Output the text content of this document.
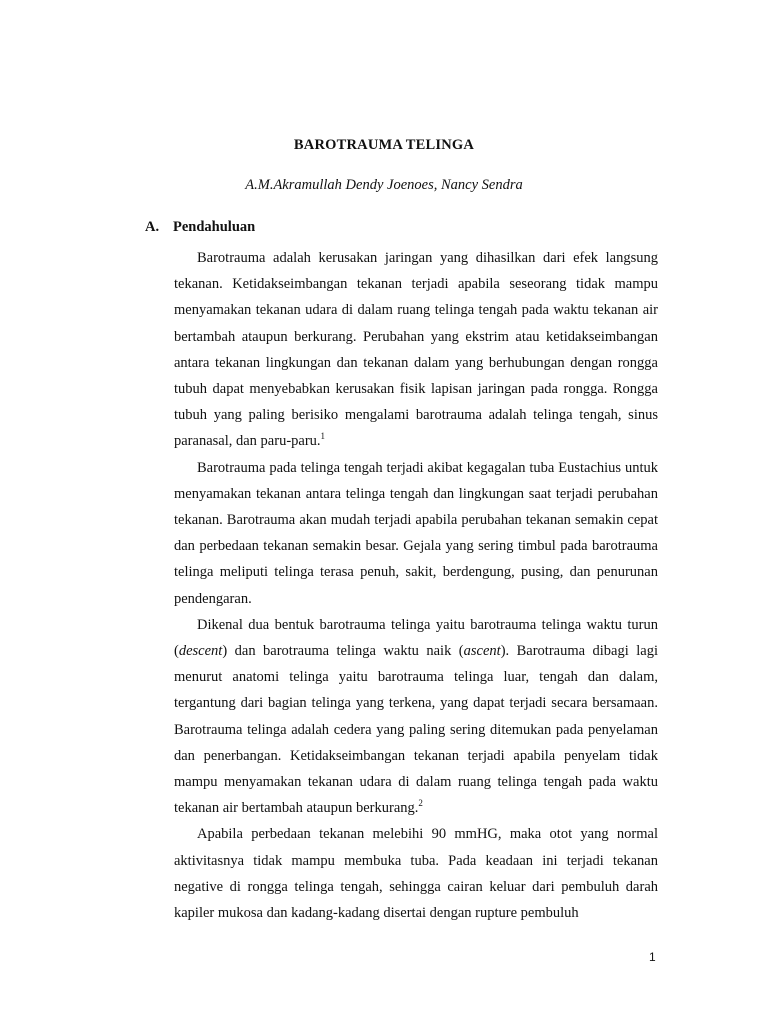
BAROTRAUMA TELINGA
A.M.Akramullah Dendy Joenoes, Nancy Sendra
A. Pendahuluan

Barotrauma adalah kerusakan jaringan yang dihasilkan dari efek langsung tekanan. Ketidakseimbangan tekanan terjadi apabila seseorang tidak mampu menyamakan tekanan udara di dalam ruang telinga tengah pada waktu tekanan air bertambah ataupun berkurang. Perubahan yang ekstrim atau ketidakseimbangan antara tekanan lingkungan dan tekanan dalam yang berhubungan dengan rongga tubuh dapat menyebabkan kerusakan fisik lapisan jaringan pada rongga. Rongga tubuh yang paling berisiko mengalami barotrauma adalah telinga tengah, sinus paranasal, dan paru-paru.$^1$

Barotrauma pada telinga tengah terjadi akibat kegagalan tuba Eustachius untuk menyamakan tekanan antara telinga tengah dan lingkungan saat terjadi perubahan tekanan. Barotrauma akan mudah terjadi apabila perubahan tekanan semakin cepat dan perbedaan tekanan semakin besar. Gejala yang sering timbul pada barotrauma telinga meliputi telinga terasa penuh, sakit, berdengung, pusing, dan penurunan pendengaran.

Dikenal dua bentuk barotrauma telinga yaitu barotrauma telinga waktu turun (descent) dan barotrauma telinga waktu naik (ascent). Barotrauma dibagi lagi menurut anatomi telinga yaitu barotrauma telinga luar, tengah dan dalam, tergantung dari bagian telinga yang terkena, yang dapat terjadi secara bersamaan. Barotrauma telinga adalah cedera yang paling sering ditemukan pada penyelaman dan penerbangan. Ketidakseimbangan tekanan terjadi apabila penyelam tidak mampu menyamakan tekanan udara di dalam ruang telinga tengah pada waktu tekanan air bertambah ataupun berkurang.$^2$

Apabila perbedaan tekanan melebihi 90 mmHG, maka otot yang normal aktivitasnya tidak mampu membuka tuba. Pada keadaan ini terjadi tekanan negative di rongga telinga tengah, sehingga cairan keluar dari pembuluh darah kapiler mukosa dan kadang-kadang disertai dengan rupture pembuluh

1
